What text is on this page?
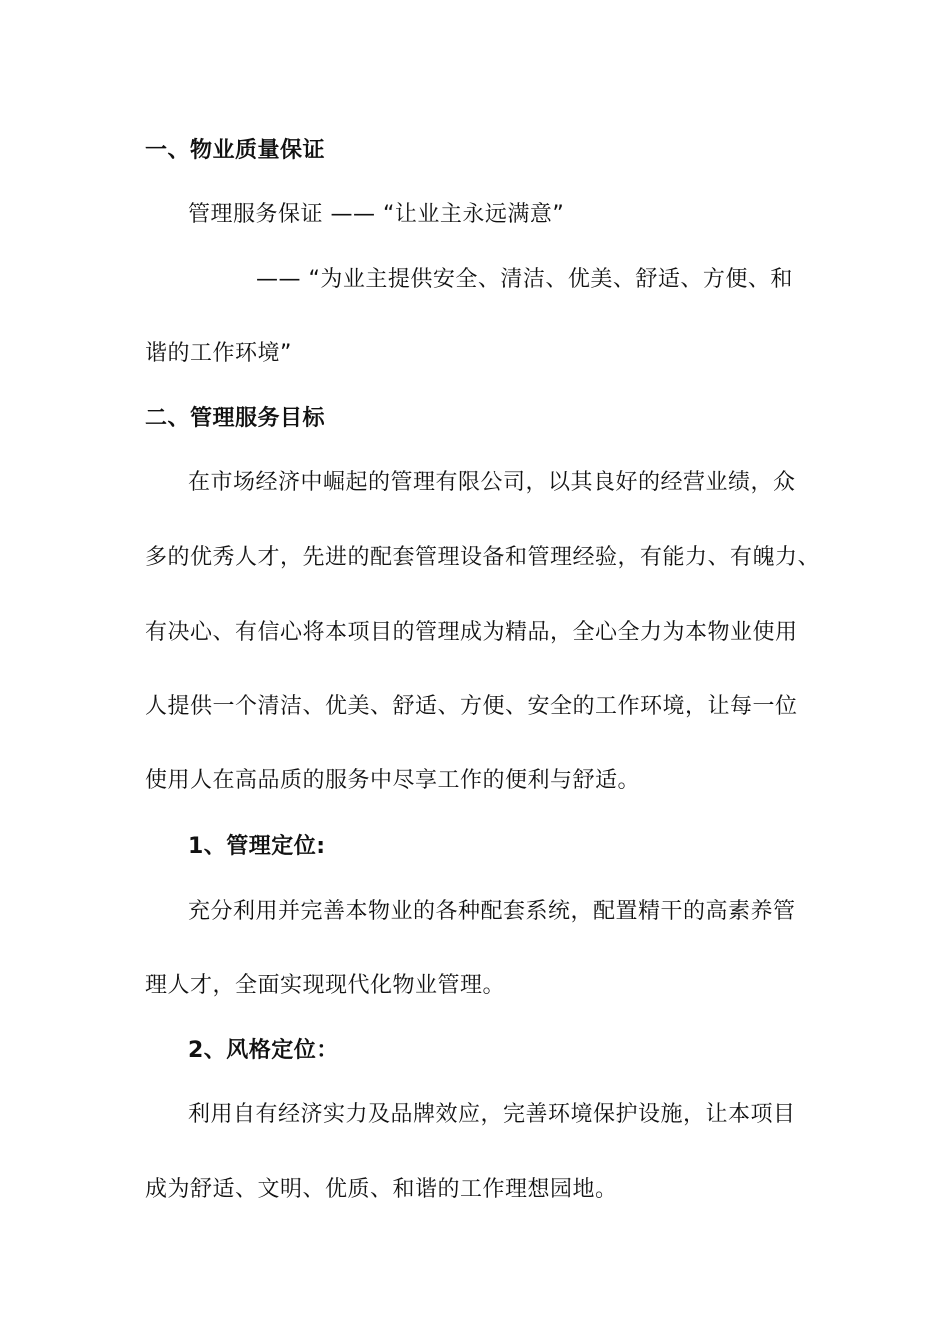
一、物业质量保证
管理服务保证 —— “让业主永远满意”
—— “为业主提供安全、清洁、优美、舒适、方便、和
谐的工作环境”
二、管理服务目标
在市场经济中崛起的管理有限公司，以其良好的经营业绩，众
多的优秀人才，先进的配套管理设备和管理经验，有能力、有魄力、
有决心、有信心将本项目的管理成为精品，全心全力为本物业使用
人提供一个清洁、优美、舒适、方便、安全的工作环境，让每一位
使用人在高品质的服务中尽享工作的便利与舒适。
1、管理定位:
充分利用并完善本物业的各种配套系统，配置精干的高素养管
理人才，全面实现现代化物业管理。
2、风格定位：
利用自有经济实力及品牌效应，完善环境保护设施，让本项目
成为舒适、文明、优质、和谐的工作理想园地。
